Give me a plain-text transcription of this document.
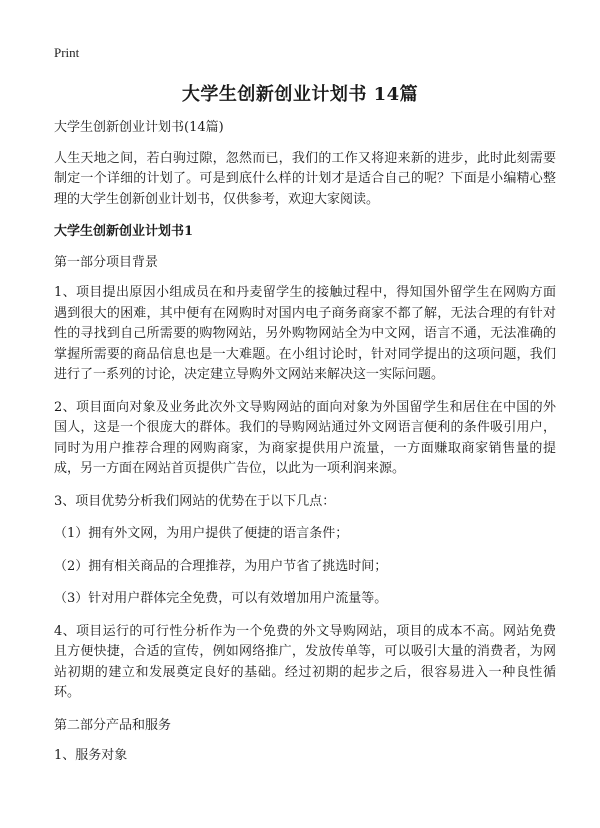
Print
大学生创新创业计划书 14篇

大学生创新创业计划书(14篇)

人生天地之间，若白驹过隙，忽然而已，我们的工作又将迎来新的进步，此时此刻需要制定一个详细的计划了。可是到底什么样的计划才是适合自己的呢？下面是小编精心整理的大学生创新创业计划书，仅供参考，欢迎大家阅读。

大学生创新创业计划书1

第一部分项目背景

1、项目提出原因小组成员在和丹麦留学生的接触过程中，得知国外留学生在网购方面遇到很大的困难，其中便有在网购时对国内电子商务商家不都了解，无法合理的有针对性的寻找到自己所需要的购物网站，另外购物网站全为中文网，语言不通，无法准确的掌握所需要的商品信息也是一大难题。在小组讨论时，针对同学提出的这项问题，我们进行了一系列的讨论，决定建立导购外文网站来解决这一实际问题。

2、项目面向对象及业务此次外文导购网站的面向对象为外国留学生和居住在中国的外国人，这是一个很庞大的群体。我们的导购网站通过外文网语言便利的条件吸引用户，同时为用户推荐合理的网购商家，为商家提供用户流量，一方面赚取商家销售量的提成，另一方面在网站首页提供广告位，以此为一项利润来源。

3、项目优势分析我们网站的优势在于以下几点：

（1）拥有外文网，为用户提供了便捷的语言条件；

（2）拥有相关商品的合理推荐，为用户节省了挑选时间；

（3）针对用户群体完全免费，可以有效增加用户流量等。

4、项目运行的可行性分析作为一个免费的外文导购网站，项目的成本不高。网站免费且方便快捷，合适的宣传，例如网络推广，发放传单等，可以吸引大量的消费者，为网站初期的建立和发展奠定良好的基础。经过初期的起步之后，很容易进入一种良性循环。

第二部分产品和服务

1、服务对象
